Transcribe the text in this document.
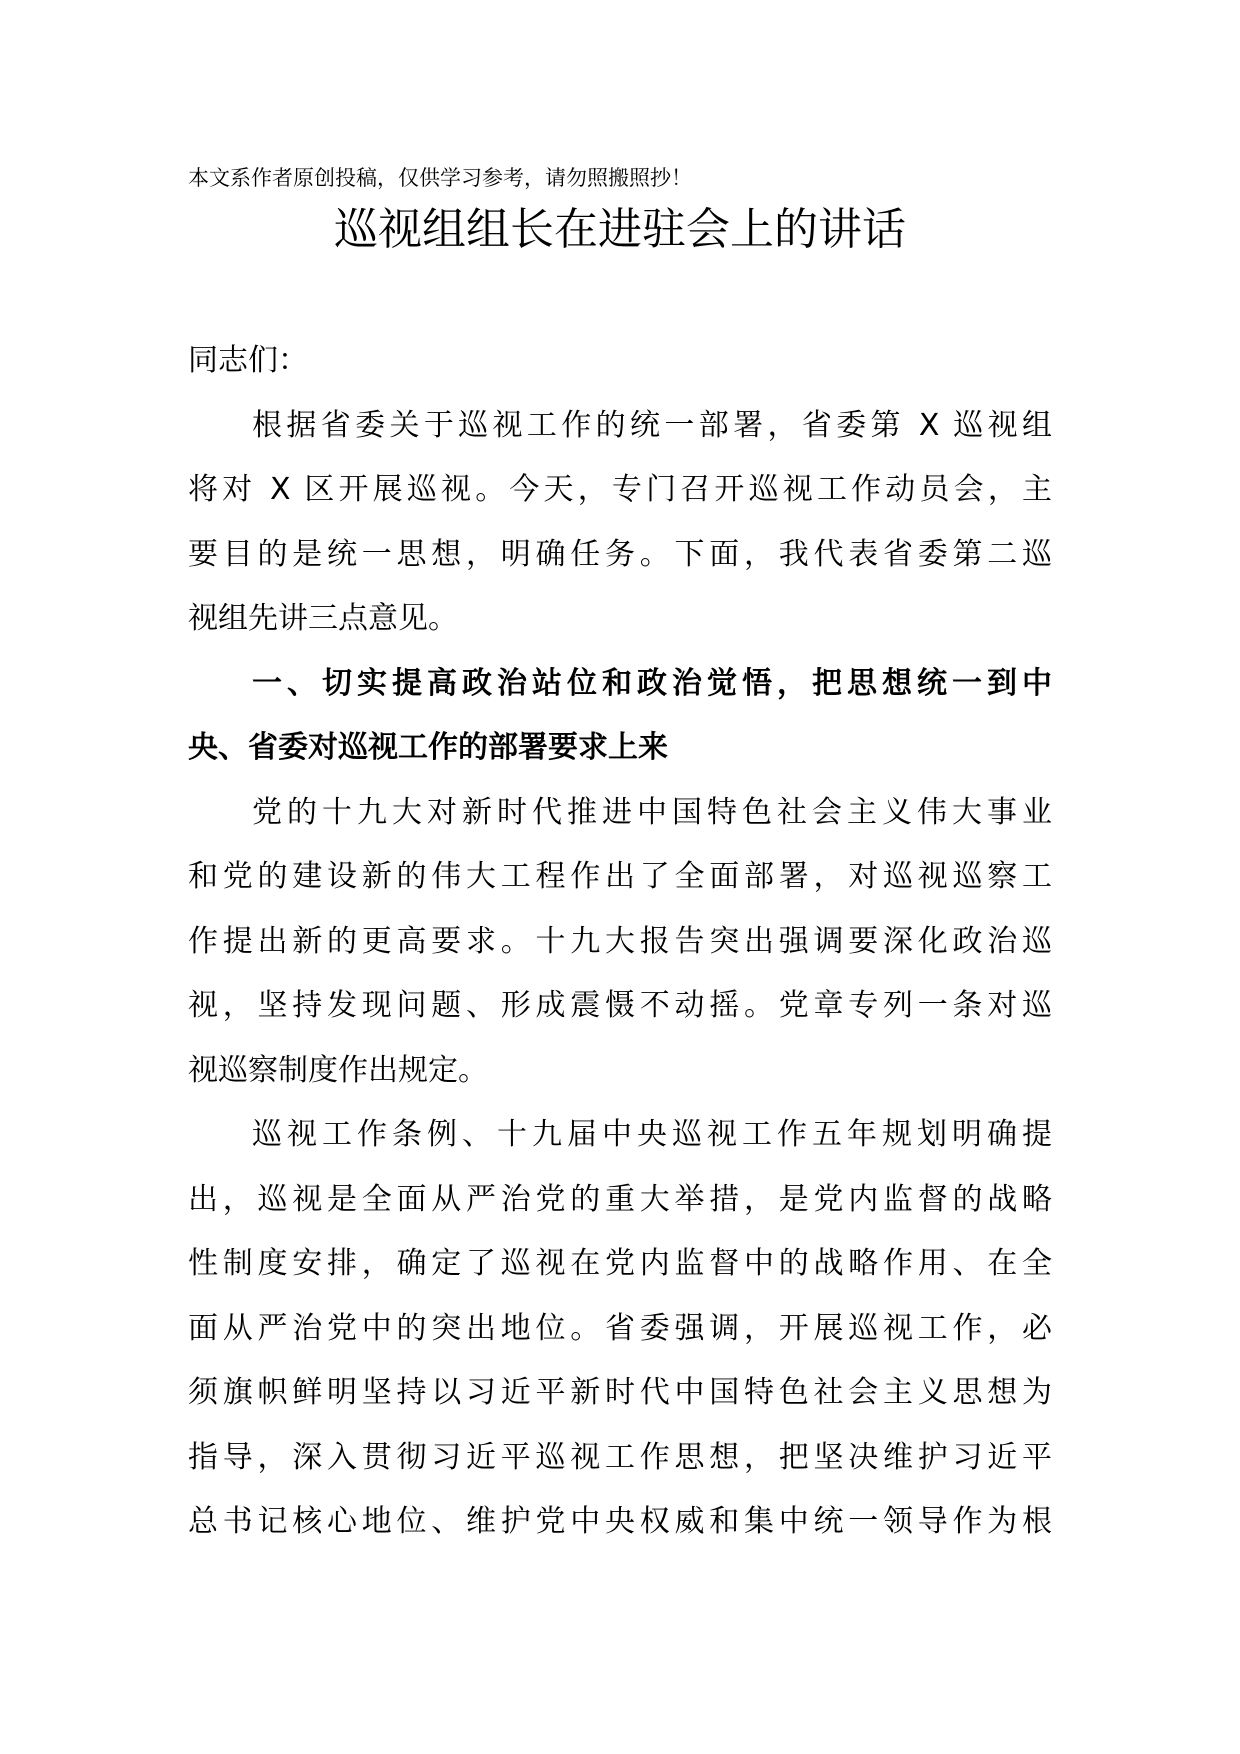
本文系作者原创投稿，仅供学习参考，请勿照搬照抄！
巡视组组长在进驻会上的讲话
同志们：
根据省委关于巡视工作的统一部署，省委第 X 巡视组
将对 X 区开展巡视。今天，专门召开巡视工作动员会，主
要目的是统一思想，明确任务。下面，我代表省委第二巡
视组先讲三点意见。
一、切实提高政治站位和政治觉悟，把思想统一到中
央、省委对巡视工作的部署要求上来
党的十九大对新时代推进中国特色社会主义伟大事业
和党的建设新的伟大工程作出了全面部署，对巡视巡察工
作提出新的更高要求。十九大报告突出强调要深化政治巡
视，坚持发现问题、形成震慑不动摇。党章专列一条对巡
视巡察制度作出规定。
巡视工作条例、十九届中央巡视工作五年规划明确提
出，巡视是全面从严治党的重大举措，是党内监督的战略
性制度安排，确定了巡视在党内监督中的战略作用、在全
面从严治党中的突出地位。省委强调，开展巡视工作，必
须旗帜鲜明坚持以习近平新时代中国特色社会主义思想为
指导，深入贯彻习近平巡视工作思想，把坚决维护习近平
总书记核心地位、维护党中央权威和集中统一领导作为根
